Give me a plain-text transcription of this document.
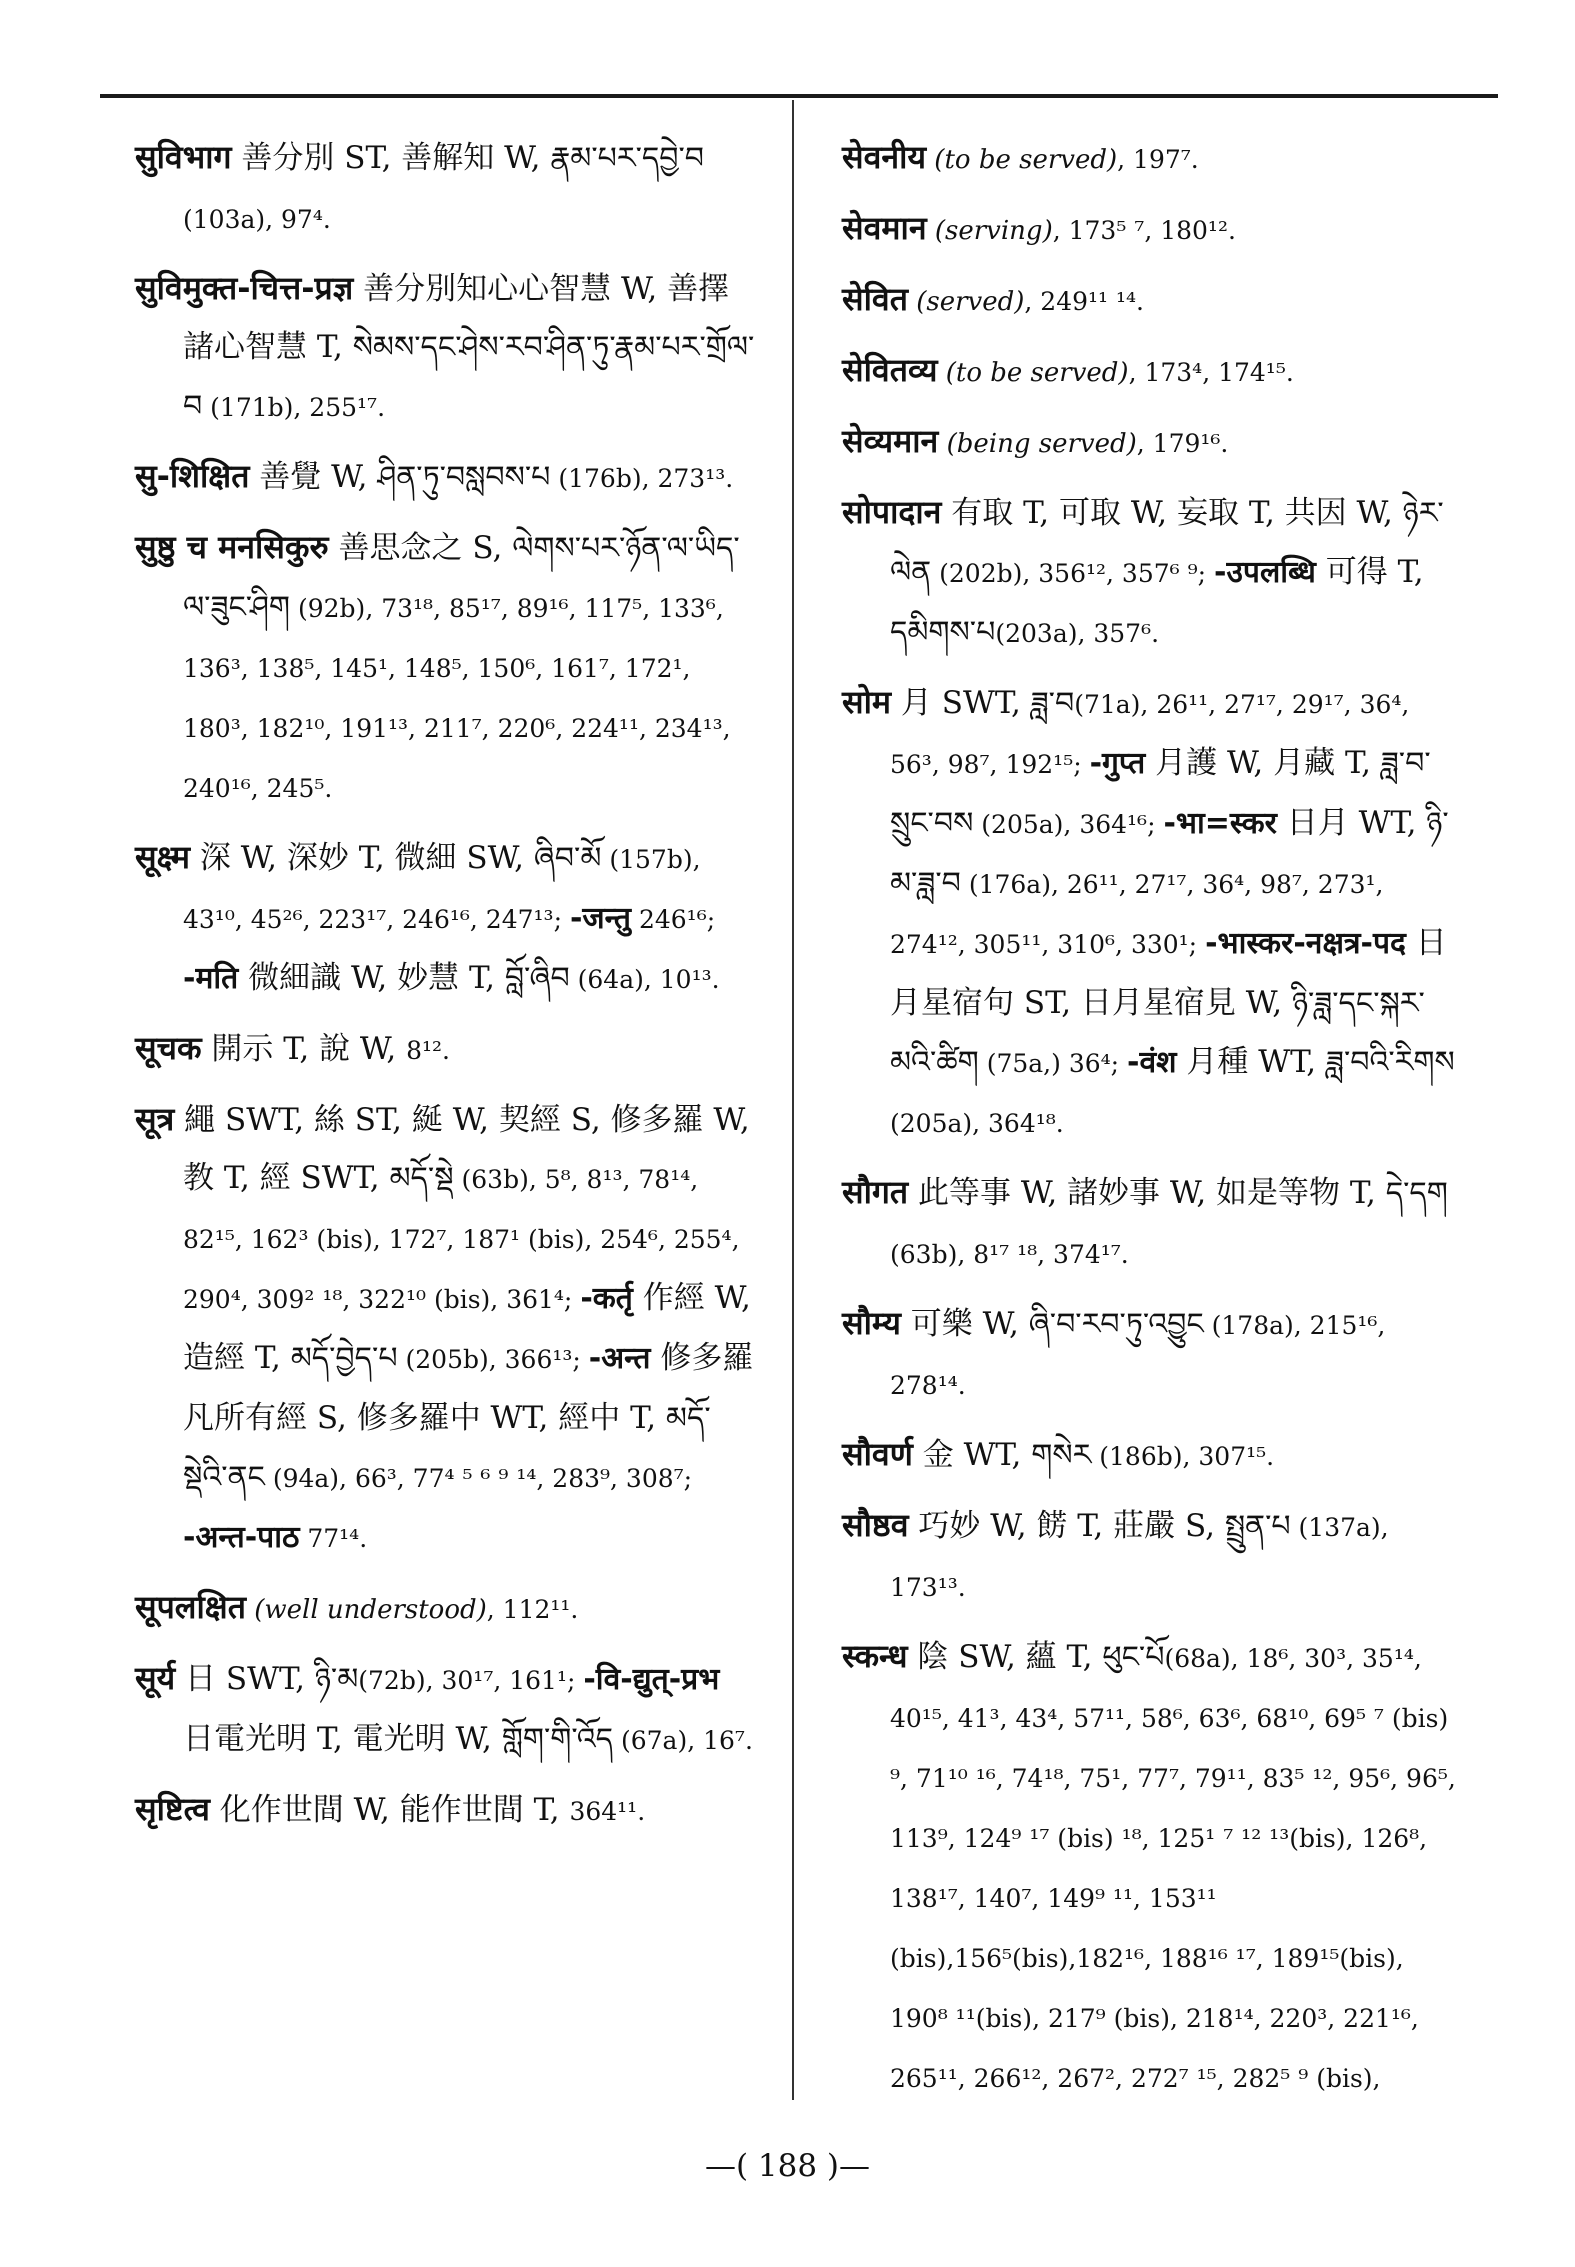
सुविभाग 善分別 ST, 善解知 W, རྣམ་པར་དབྱེ་བ (103a), 97⁴.

सुविमुक्त-चित्त-प्रज्ञ 善分別知心心智慧 W, 善擇諸心智慧 T, སེམས་དང་ཤེས་རབ་ཤིན་ཏུ་རྣམ་པར་གྲོལ་བ (171b), 255¹⁷.

सु-शिक्षित 善覺 W, ཤིན་ཏུ་བསླབས་པ (176b), 273¹³.

सुष्ठु च मनसिकुरु 善思念之 S, ལེགས་པར་ཉོན་ལ་ཡིད་ལ་ཟུང་ཤིག (92b), 73¹⁸, 85¹⁷, 89¹⁶, 117⁵, 133⁶, 136³, 138⁵, 145¹, 148⁵, 150⁶, 161⁷, 172¹, 180³, 182¹⁰, 191¹³, 211⁷, 220⁶, 224¹¹, 234¹³, 240¹⁶, 245⁵.

सूक्ष्म 深 W, 深妙 T, 微細 SW, ཞིབ་མོ (157b), 43¹⁰, 45²⁶, 223¹⁷, 246¹⁶, 247¹³; -जन्तु 246¹⁶; -मति 微細識 W, 妙慧 T, བློ་ཞིབ (64a), 10¹³.

सूचक 開示 T, 說 W, 8¹².

सूत्र 繩 SWT, 絲 ST, 綖 W, 契經 S, 修多羅 W, 教 T, 經 SWT, མདོ་སྡེ (63b), 5⁸, 8¹³, 78¹⁴, 82¹⁵, 162³ (bis), 172⁷, 187¹ (bis), 254⁶, 255⁴, 290⁴, 309² ¹⁸, 322¹⁰ (bis), 361⁴; -कर्तृ 作經 W, 造經 T, མདོ་བྱེད་པ (205b), 366¹³; -अन्त 修多羅凡所有經 S, 修多羅中 WT, 經中 T, མདོ་སྡེའི་ནང (94a), 66³, 77⁴ ⁵ ⁶ ⁹ ¹⁴, 283⁹, 308⁷; -अन्त-पाठ 77¹⁴.

सूपलक्षित (well understood), 112¹¹.

सूर्य 日 SWT, ཉི་མ(72b), 30¹⁷, 161¹; -वि-द्युत्-प्रभ 日電光明 T, 電光明 W, གློག་གི་འོད (67a), 16⁷.

सृष्टित्व 化作世間 W, 能作世間 T, 364¹¹.

सेवनीय (to be served), 197⁷.

सेवमान (serving), 173⁵ ⁷, 180¹².

सेवित (served), 249¹¹ ¹⁴.

सेवितव्य (to be served), 173⁴, 174¹⁵.

सेव्यमान (being served), 179¹⁶.

सोपादान 有取 T, 可取 W, 妄取 T, 共因 W, ཉེར་ལེན (202b), 356¹², 357⁶ ⁹; -उपलब्धि 可得 T, དམིགས་པ(203a), 357⁶.

सोम 月 SWT, ཟླ་བ(71a), 26¹¹, 27¹⁷, 29¹⁷, 36⁴, 56³, 98⁷, 192¹⁵; -गुप्त 月護 W, 月藏 T, ཟླ་བ་སྲུང་བས (205a), 364¹⁶; -भा=स्कर 日月 WT, ཉི་མ་ཟླ་བ (176a), 26¹¹, 27¹⁷, 36⁴, 98⁷, 273¹, 274¹², 305¹¹, 310⁶, 330¹; -भास्कर-नक्षत्र-पद 日月星宿句 ST, 日月星宿見 W, ཉི་ཟླ་དང་སྐར་མའི་ཚིག (75a,) 36⁴; -वंश 月種 WT, ཟླ་བའི་རིགས (205a), 364¹⁸.

सौगत 此等事 W, 諸妙事 W, 如是等物 T, དེ་དག (63b), 8¹⁷ ¹⁸, 374¹⁷.

सौम्य 可樂 W, ཞི་བ་རབ་ཏུ་འབྱུང (178a), 215¹⁶, 278¹⁴.

सौवर्ण 金 WT, གསེར (186b), 307¹⁵.

सौष्ठव 巧妙 W, 餝 T, 莊嚴 S, སྤྲུན་པ (137a), 173¹³.

स्कन्ध 陰 SW, 蘊 T, ཕུང་པོ(68a), 18⁶, 30³, 35¹⁴, 40¹⁵, 41³, 43⁴, 57¹¹, 58⁶, 63⁶, 68¹⁰, 69⁵ ⁷ (bis) ⁹, 71¹⁰ ¹⁶, 74¹⁸, 75¹, 77⁷, 79¹¹, 83⁵ ¹², 95⁶, 96⁵, 113⁹, 124⁹ ¹⁷ (bis) ¹⁸, 125¹ ⁷ ¹² ¹³(bis), 126⁸, 138¹⁷, 140⁷, 149⁹ ¹¹, 153¹¹ (bis),156⁵(bis),182¹⁶, 188¹⁶ ¹⁷, 189¹⁵(bis), 190⁸ ¹¹(bis), 217⁹ (bis), 218¹⁴, 220³, 221¹⁶, 265¹¹, 266¹², 267², 272⁷ ¹⁵, 282⁵ ⁹ (bis),

—( 188 )—
